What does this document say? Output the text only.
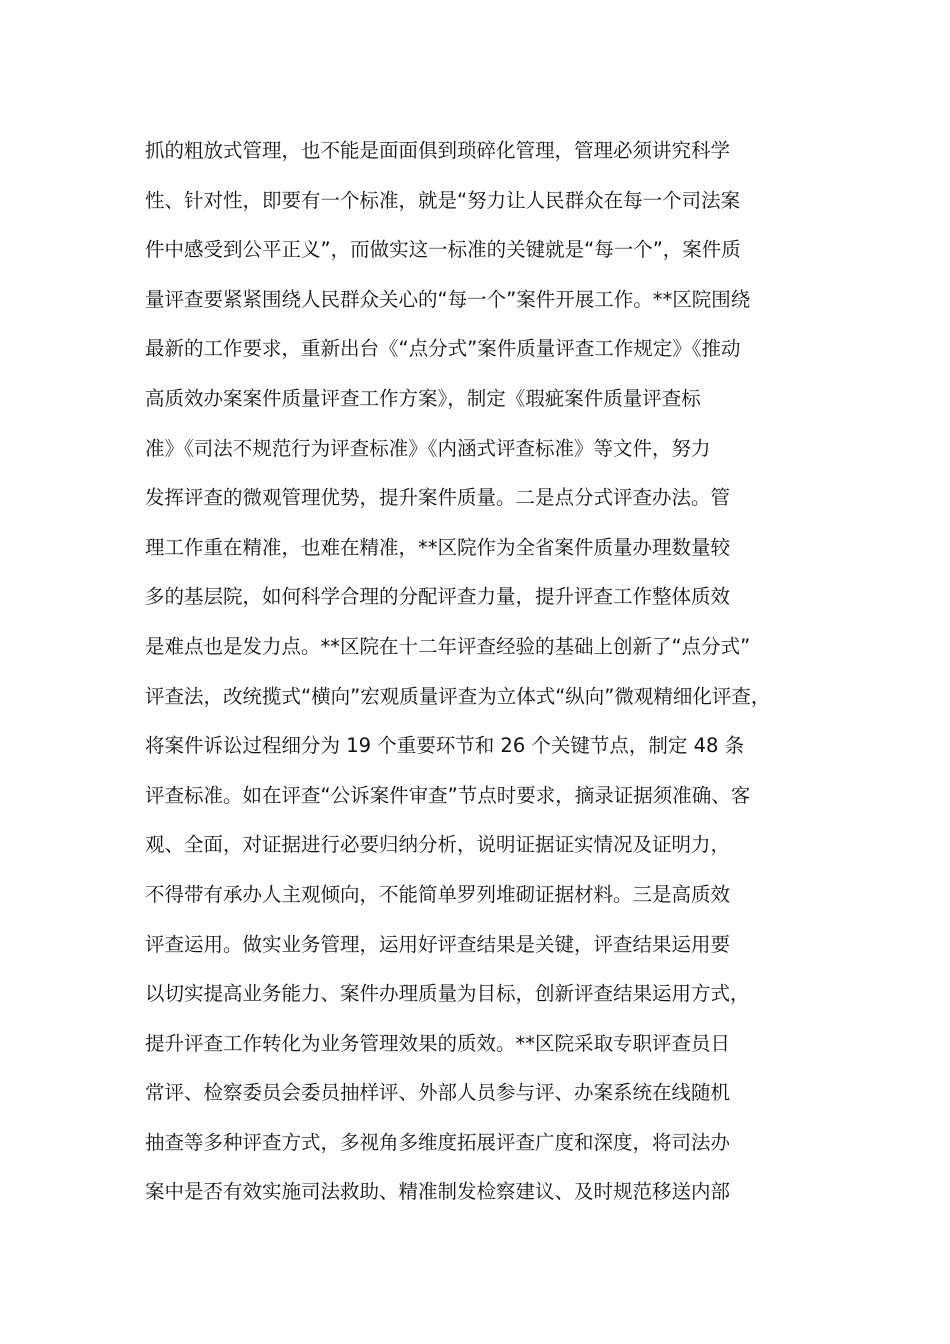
抓的粗放式管理，也不能是面面俱到琐碎化管理，管理必须讲究科学
性、针对性，即要有一个标准，就是“努力让人民群众在每一个司法案
件中感受到公平正义”，而做实这一标准的关键就是“每一个”，案件质
量评查要紧紧围绕人民群众关心的“每一个”案件开展工作。**区院围绕
最新的工作要求，重新出台《“点分式”案件质量评查工作规定》《推动
高质效办案案件质量评查工作方案》，制定《瑕疵案件质量评查标
准》《司法不规范行为评查标准》《内涵式评查标准》等文件，努力
发挥评查的微观管理优势，提升案件质量。二是点分式评查办法。管
理工作重在精准，也难在精准，**区院作为全省案件质量办理数量较
多的基层院，如何科学合理的分配评查力量，提升评查工作整体质效
是难点也是发力点。**区院在十二年评查经验的基础上创新了“点分式”
评查法，改统揽式“横向”宏观质量评查为立体式“纵向”微观精细化评查，
将案件诉讼过程细分为 19 个重要环节和 26 个关键节点，制定 48 条
评查标准。如在评查“公诉案件审查”节点时要求，摘录证据须准确、客
观、全面，对证据进行必要归纳分析，说明证据证实情况及证明力，
不得带有承办人主观倾向，不能简单罗列堆砌证据材料。三是高质效
评查运用。做实业务管理，运用好评查结果是关键，评查结果运用要
以切实提高业务能力、案件办理质量为目标，创新评查结果运用方式，
提升评查工作转化为业务管理效果的质效。**区院采取专职评查员日
常评、检察委员会委员抽样评、外部人员参与评、办案系统在线随机
抽查等多种评查方式，多视角多维度拓展评查广度和深度，将司法办
案中是否有效实施司法救助、精准制发检察建议、及时规范移送内部
